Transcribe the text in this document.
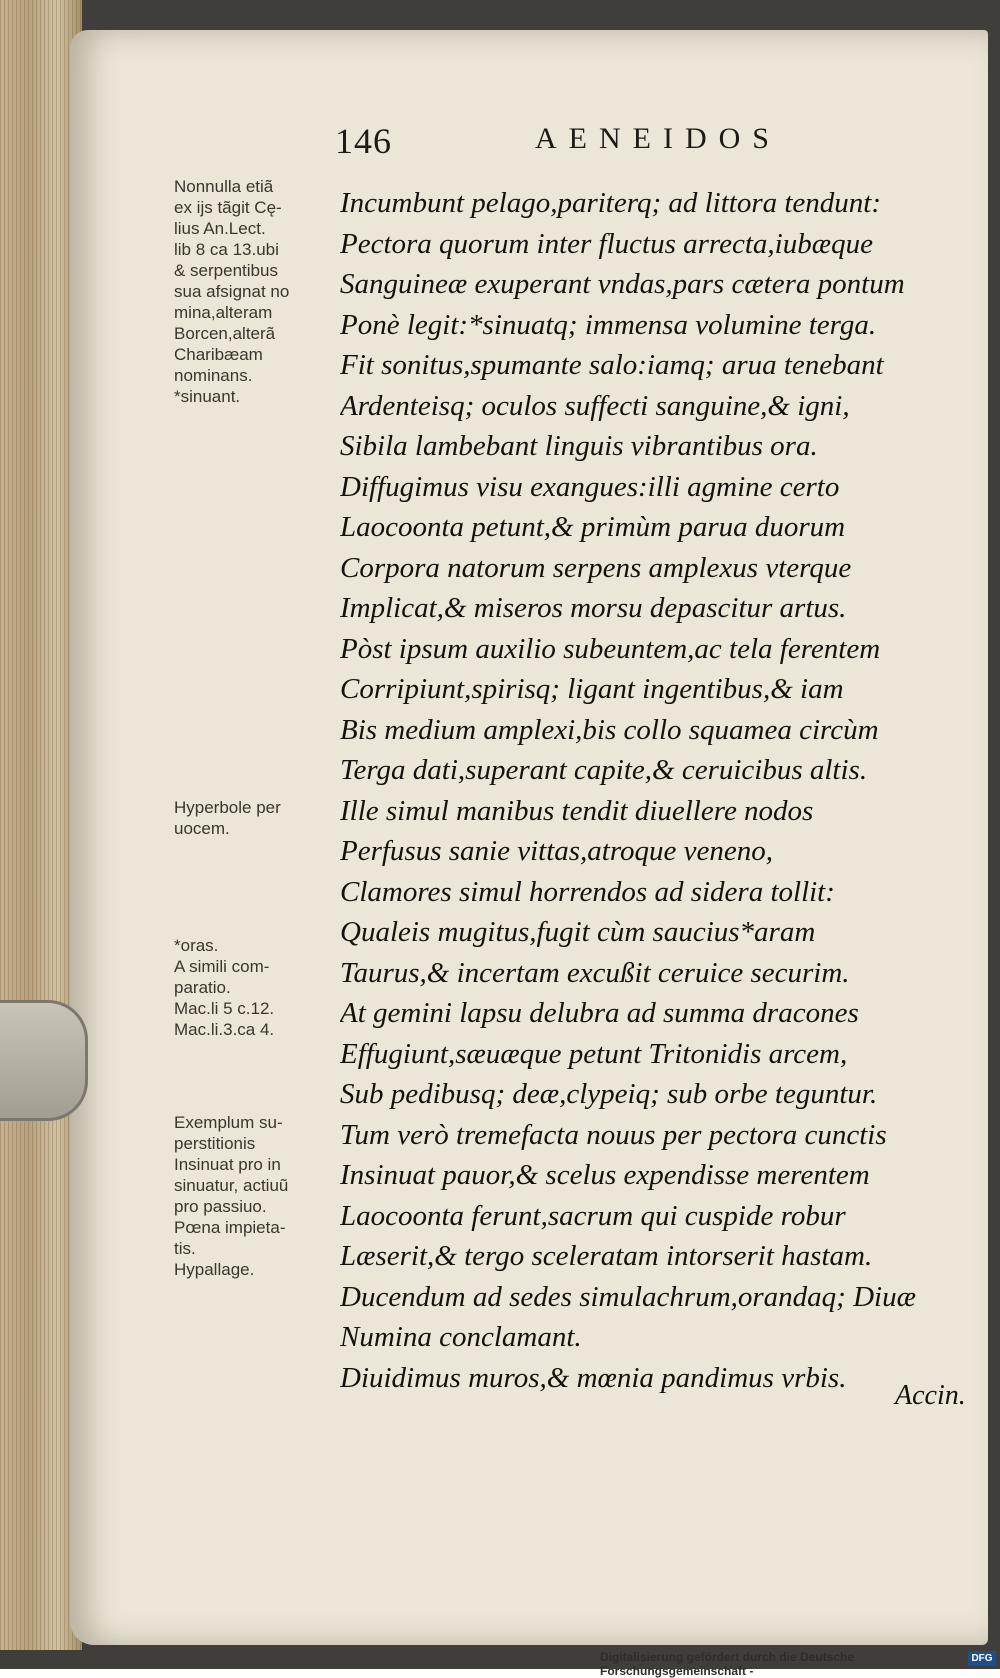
146	AENEIDOS
Nonnulla etiã
ex ijs tãgit Cę-
lius An.Lect.
lib 8 ca 13.ubi
& serpentibus
sua afsignat no
mina,alteram
Borcen,alterã
Charibæam
nominans.
*sinuant.
Hyperbole per
uocem.
*oras.
A simili com-
paratio.
Mac.li 5 c.12.
Mac.li.3.ca 4.
Exemplum su-
perstitionis
Insinuat pro in
sinuatur, actiuũ
pro passiuo.
Pœna impieta-
tis.
Hypallage.
Incumbunt pelago,pariterq; ad littora tendunt:
Pectora quorum inter fluctus arrecta,iubæque
Sanguineæ exuperant vndas,pars cætera pontum
Ponè legit:*sinuatq; immensa volumine terga.
Fit sonitus,spumante salo:iamq; arua tenebant
Ardenteisq; oculos suffecti sanguine,& igni,
Sibila lambebant linguis vibrantibus ora.
Diffugimus visu exangues:illi agmine certo
Laocoonta petunt,& primùm parua duorum
Corpora natorum serpens amplexus vterque
Implicat,& miseros morsu depascitur artus.
Pòst ipsum auxilio subeuntem,ac tela ferentem
Corripiunt,spirisq; ligant ingentibus,& iam
Bis medium amplexi,bis collo squamea circùm
Terga dati,superant capite,& ceruicibus altis.
Ille simul manibus tendit diuellere nodos
Perfusus sanie vittas,atroque veneno,
Clamores simul horrendos ad sidera tollit:
Qualeis mugitus,fugit cùm saucius*aram
Taurus,& incertam excußit ceruice securim.
At gemini lapsu delubra ad summa dracones
Effugiunt,sæuæque petunt Tritonidis arcem,
Sub pedibusq; deæ,clypeiq; sub orbe teguntur.
Tum verò tremefacta nouus per pectora cunctis
Insinuat pauor,& scelus expendisse merentem
Laocoonta ferunt,sacrum qui cuspide robur
Læserit,& tergo sceleratam intorserit hastam.
Ducendum ad sedes simulachrum,orandaq; Diuæ
Numina conclamant.
Diuidimus muros,& mœnia pandimus vrbis.
Accin.
Digitalisierung gefördert durch die Deutsche Forschungsgemeinschaft -
DFG
